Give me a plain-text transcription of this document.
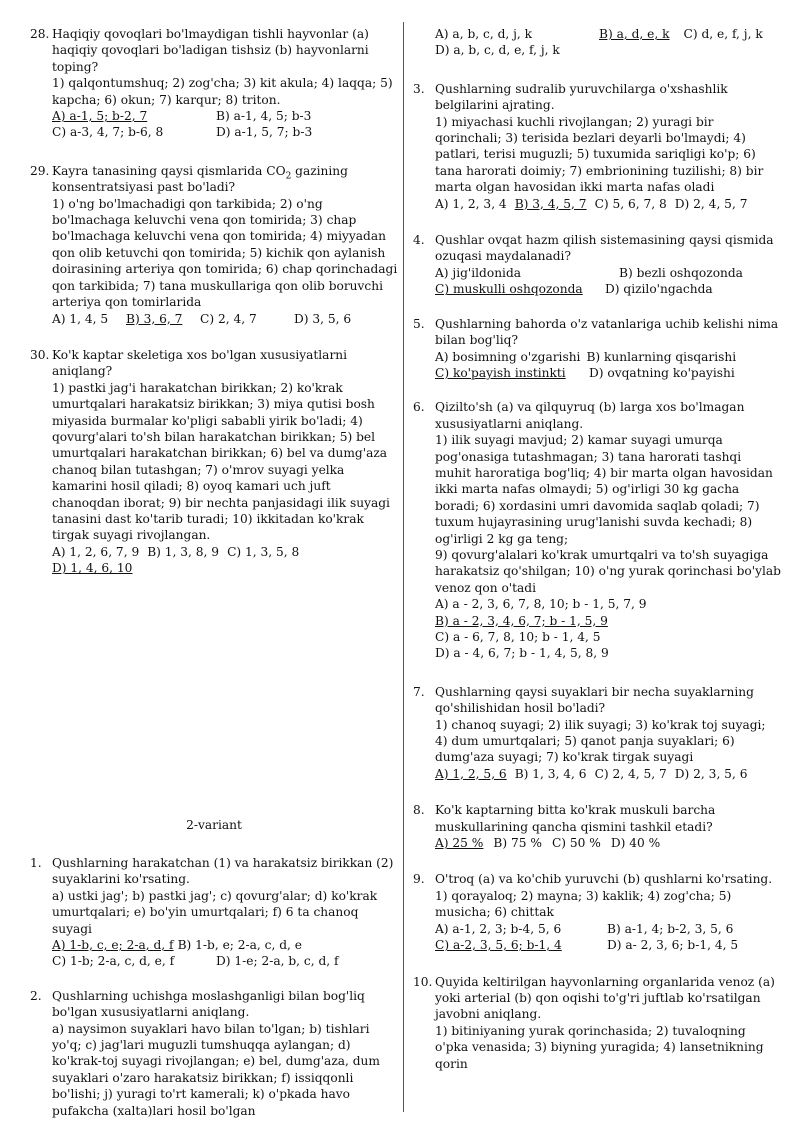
28. Haqiqiy qovoqlari bo'lmaydigan tishli hayvonlar (a) haqiqiy qovoqlari bo'ladigan tishsiz (b) hayvonlarni toping?
1) qalqontumshuq; 2) zog'cha; 3) kit akula; 4) laqqa; 5) kapcha; 6) okun; 7) karqur; 8) triton.
A) a-1, 5; b-2, 7	B) a-1, 4, 5; b-3
C) a-3, 4, 7; b-6, 8	D) a-1, 5, 7; b-3
29. Kayra tanasining qaysi qismlarida $CO_2$ gazining konsentratsiyasi past bo'ladi?
1) o'ng bo'lmachadigi qon tarkibida; 2) o'ng bo'lmachaga keluvchi vena qon tomirida; 3) chap bo'lmachaga keluvchi vena qon tomirida; 4) miyyadan qon olib ketuvchi qon tomirida; 5) kichik qon aylanish doirasining arteriya qon tomirida; 6) chap qorinchadagi qon tarkibida; 7) tana muskullariga qon olib boruvchi arteriya qon tomirlarida
A) 1, 4, 5	B) 3, 6, 7 C) 2, 4, 7	D) 3, 5, 6
30. Ko'k kaptar skeletiga xos bo'lgan xususiyatlarni aniqlang?
1) pastki jag'i harakatchan birikkan; 2) ko'krak umurtqalari harakatsiz birikkan; 3) miya qutisi bosh miyasida burmalar ko'pligi sababli yirik bo'ladi; 4) qovurg'alari to'sh bilan harakatchan birikkan; 5) bel umurtqalari harakatchan birikkan; 6) bel va dumg'aza chanoq bilan tutashgan; 7) o'mrov suyagi yelka kamarini hosil qiladi; 8) oyoq kamari uch juft chanoqdan iborat; 9) bir nechta panjasidagi ilik suyagi tanasini dast ko'tarib turadi; 10) ikkitadan ko'krak tirgak suyagi rivojlangan.
A) 1, 2, 6, 7, 9 B) 1, 3, 8, 9 C) 1, 3, 5, 8
D) 1, 4, 6, 10
2-variant
1. Qushlarning harakatchan (1) va harakatsiz birikkan (2) suyaklarini ko'rsating.
a) ustki jag'; b) pastki jag'; c) qovurg'alar; d) ko'krak umurtqalari; e) bo'yin umurtqalari; f) 6 ta chanoq suyagi
A) 1-b, c, e; 2-a, d, f B) 1-b, e; 2-a, c, d, e
C) 1-b; 2-a, c, d, e, f	D) 1-e; 2-a, b, c, d, f
2. Qushlarning uchishga moslashganligi bilan bog'liq bo'lgan xususiyatlarni aniqlang.
a) naysimon suyaklari havo bilan to'lgan; b) tishlari yo'q; c) jag'lari muguzli tumshuqqa aylangan; d) ko'krak-toj suyagi rivojlangan; e) bel, dumg'aza, dum suyaklari o'zaro harakatsiz birikkan; f) issiqqonli bo'lishi; j) yuragi to'rt kamerali; k) o'pkada havo pufakcha (xalta)lari hosil bo'lgan
A) a, b, c, d, j, k	B) a, d, e, k C) d, e, f, j, k
D) a, b, c, d, e, f, j, k
3. Qushlarning sudralib yuruvchilarga o'xshashlik belgilarini ajrating.
1) miyachasi kuchli rivojlangan; 2) yuragi bir qorinchali; 3) terisida bezlari deyarli bo'lmaydi; 4) patlari, terisi muguzli; 5) tuxumida sariqligi ko'p; 6) tana harorati doimiy; 7) embrionining tuzilishi; 8) bir marta olgan havosidan ikki marta nafas oladi
A) 1, 2, 3, 4 B) 3, 4, 5, 7 C) 5, 6, 7, 8 D) 2, 4, 5, 7
4. Qushlar ovqat hazm qilish sistemasining qaysi qismida ozuqasi maydalanadi?
A) jig'ildonida	B) bezli oshqozonda
C) muskulli oshqozonda	D) qizilo'ngachda
5. Qushlarning bahorda o'z vatanlariga uchib kelishi nima bilan bog'liq?
A) bosimning o'zgarishi B) kunlarning qisqarishi
C) ko'payish instinkti	D) ovqatning ko'payishi
6. Qizilto'sh (a) va qilquyruq (b) larga xos bo'lmagan xususiyatlarni aniqlang.
1) ilik suyagi mavjud; 2) kamar suyagi umurqa pog'onasiga tutashmagan; 3) tana harorati tashqi muhit haroratiga bog'liq; 4) bir marta olgan havosidan ikki marta nafas olmaydi; 5) og'irligi 30 kg gacha boradi; 6) xordasini umri davomida saqlab qoladi; 7) tuxum hujayrasining urug'lanishi suvda kechadi; 8) og'irligi 2 kg ga teng;
9) qovurg'alalari ko'krak umurtqalri va to'sh suyagiga harakatsiz qo'shilgan; 10) o'ng yurak qorinchasi bo'ylab venoz qon o'tadi
A) a - 2, 3, 6, 7, 8, 10; b - 1, 5, 7, 9
B) a - 2, 3, 4, 6, 7; b - 1, 5, 9
C) a - 6, 7, 8, 10; b - 1, 4, 5
D) a - 4, 6, 7; b - 1, 4, 5, 8, 9
7. Qushlarning qaysi suyaklari bir necha suyaklarning qo'shilishidan hosil bo'ladi?
1) chanoq suyagi; 2) ilik suyagi; 3) ko'krak toj suyagi; 4) dum umurtqalari; 5) qanot panja suyaklari; 6) dumg'aza suyagi; 7) ko'krak tirgak suyagi
A) 1, 2, 5, 6 B) 1, 3, 4, 6 C) 2, 4, 5, 7 D) 2, 3, 5, 6
8. Ko'k kaptarning bitta ko'krak muskuli barcha muskullarining qancha qismini tashkil etadi?
A) 25 % B) 75 % C) 50 % D) 40 %
9. O'troq (a) va ko'chib yuruvchi (b) qushlarni ko'rsating.
1) qorayaloq; 2) mayna; 3) kaklik; 4) zog'cha; 5) musicha; 6) chittak
A) a-1, 2, 3; b-4, 5, 6	B) a-1, 4; b-2, 3, 5, 6
C) a-2, 3, 5, 6; b-1, 4	D) a- 2, 3, 6; b-1, 4, 5
10. Quyida keltirilgan hayvonlarning organlarida venoz (a) yoki arterial (b) qon oqishi to'g'ri juftlab ko'rsatilgan javobni aniqlang.
1) bitiniyaning yurak qorinchasida; 2) tuvaloqning o'pka venasida; 3) biyning yuragida; 4) lansetnikning qorin
